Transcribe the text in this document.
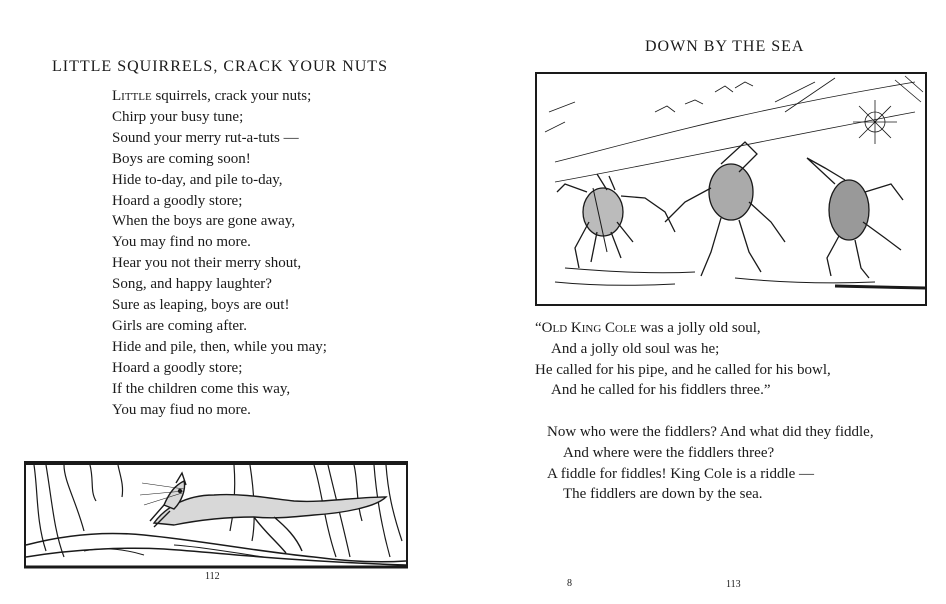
LITTLE SQUIRRELS, CRACK YOUR NUTS
Little squirrels, crack your nuts;
Chirp your busy tune;
Sound your merry rut-a-tuts —
Boys are coming soon!
Hide to-day, and pile to-day,
Hoard a goodly store;
When the boys are gone away,
You may find no more.
Hear you not their merry shout,
Song, and happy laughter?
Sure as leaping, boys are out!
Girls are coming after.
Hide and pile, then, while you may;
Hoard a goodly store;
If the children come this way,
You may fiud no more.
112
DOWN BY THE SEA
“Old King Cole was a jolly old soul,
And a jolly old soul was he;
He called for his pipe, and he called for his bowl,
And he called for his fiddlers three.”
Now who were the fiddlers? And what did they fiddle,
And where were the fiddlers three?
A fiddle for fiddles! King Cole is a riddle —
The fiddlers are down by the sea.
8	113
